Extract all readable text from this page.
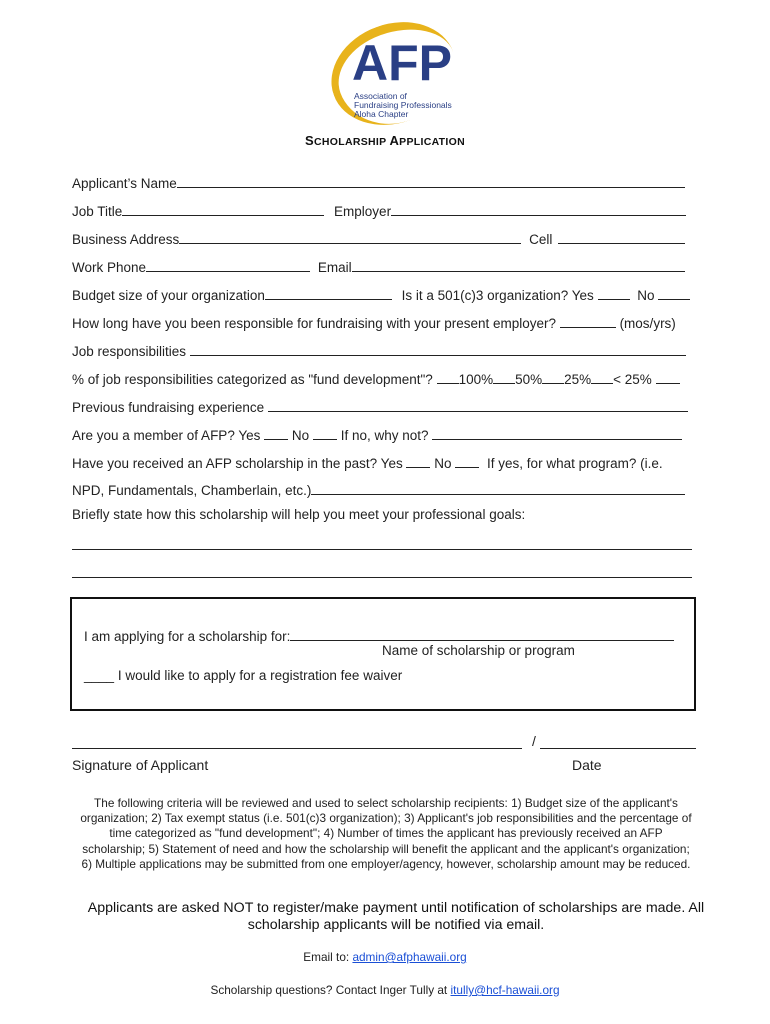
AFP
Association of
Fundraising Professionals
Aloha Chapter
SCHOLARSHIP APPLICATION
Applicant’s Name
Job Title	Employer
Business Address	Cell
Work Phone	Email
Budget size of your organization	Is it a 501(c)3 organization? Yes	No
How long have you been responsible for fundraising with your present employer?	(mos/yrs)
Job responsibilities
% of job responsibilities categorized as "fund development"? 100% 50% 25% < 25%
Previous fundraising experience
Are you a member of AFP? Yes No If no, why not?
Have you received an AFP scholarship in the past? Yes No	If yes, for what program? (i.e.
NPD, Fundamentals, Chamberlain, etc.)
Briefly state how this scholarship will help you meet your professional goals:
I am applying for a scholarship for:
Name of scholarship or program
____ I would like to apply for a registration fee waiver
/
Signature of Applicant	Date
The following criteria will be reviewed and used to select scholarship recipients: 1) Budget size of the applicant's organization; 2) Tax exempt status (i.e. 501(c)3 organization); 3) Applicant's job responsibilities and the percentage of time categorized as "fund development"; 4) Number of times the applicant has previously received an AFP scholarship; 5) Statement of need and how the scholarship will benefit the applicant and the applicant's organization; 6) Multiple applications may be submitted from one employer/agency, however, scholarship amount may be reduced.
Applicants are asked NOT to register/make payment until notification of scholarships are made. All scholarship applicants will be notified via email.
Email to: admin@afphawaii.org
Scholarship questions? Contact Inger Tully at itully@hcf-hawaii.org
